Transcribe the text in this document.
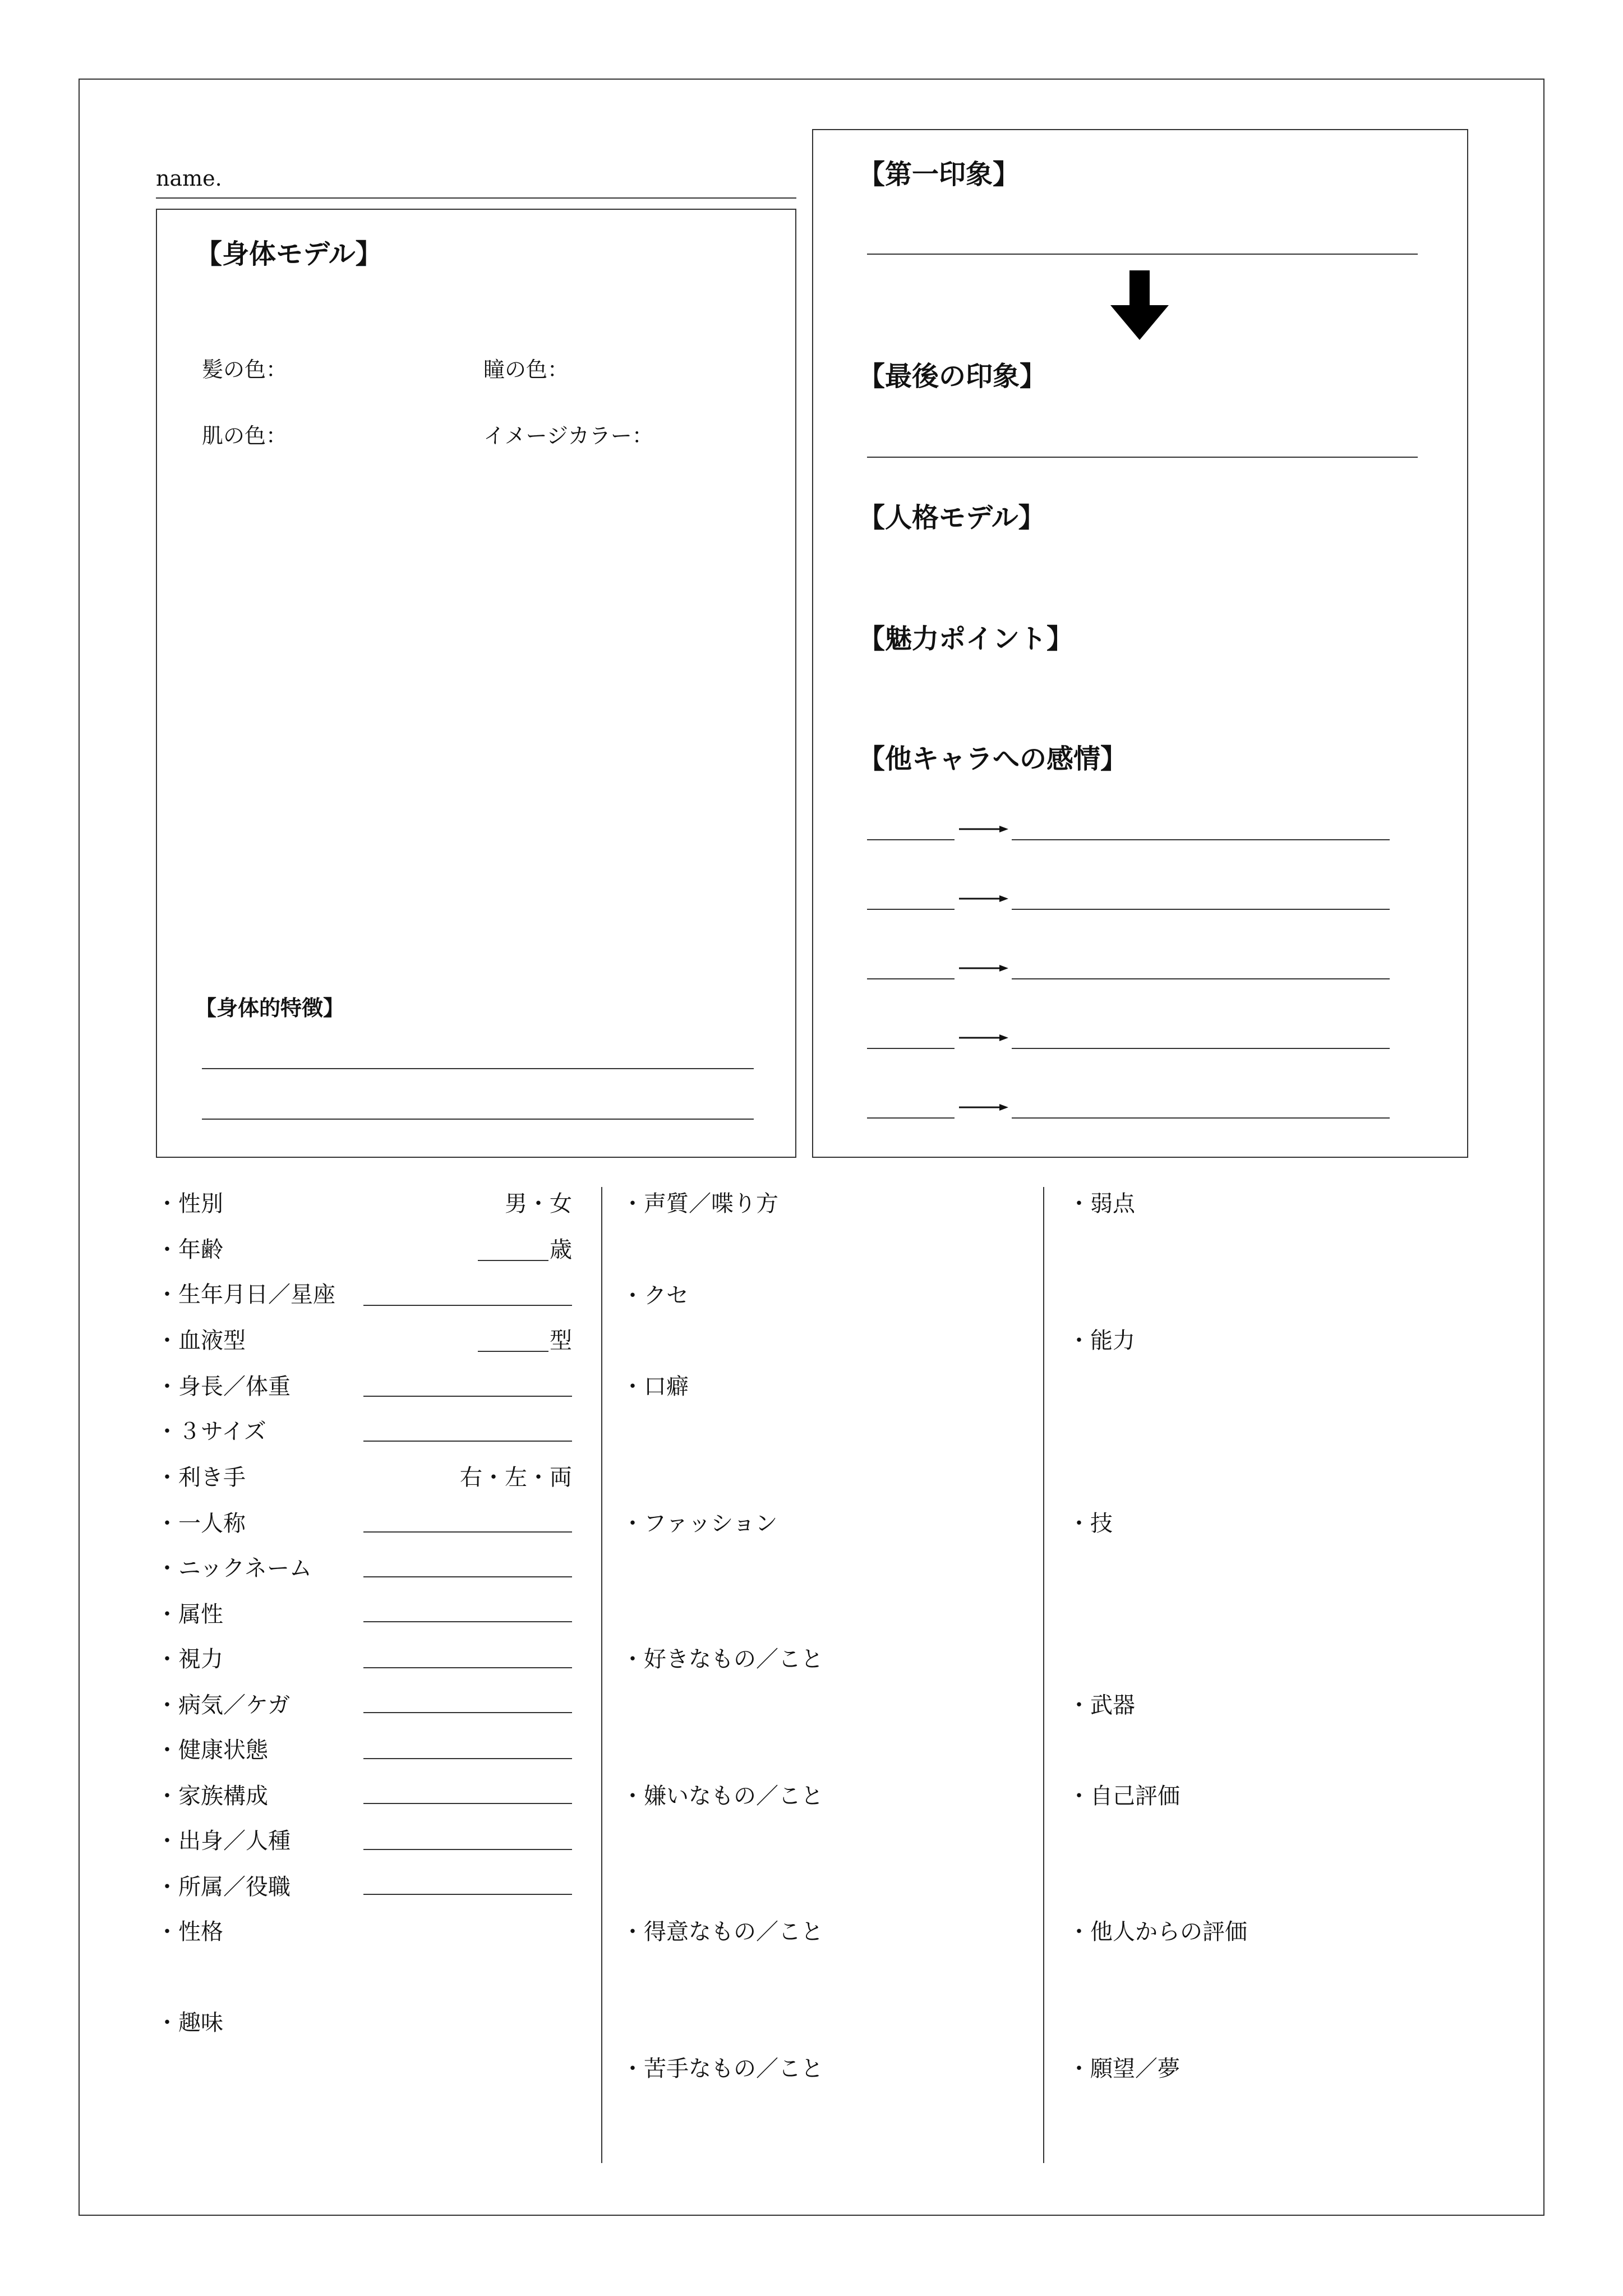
name.
【身体モデル】
髪の色：	瞳の色：
肌の色：	イメージカラー：
【身体的特徴】
【第一印象】
【最後の印象】
【人格モデル】
【魅力ポイント】
【他キャラへの感情】
・性別	男・女
・年齢	歳
・生年月日／星座
・血液型	型
・身長／体重
・３サイズ
・利き手	右・左・両
・一人称
・ニックネーム
・属性
・視力
・病気／ケガ
・健康状態
・家族構成
・出身／人種
・所属／役職
・性格
・趣味
・声質／喋り方
・クセ
・口癖
・ファッション
・好きなもの／こと
・嫌いなもの／こと
・得意なもの／こと
・苦手なもの／こと
・弱点
・能力
・技
・武器
・自己評価
・他人からの評価
・願望／夢
